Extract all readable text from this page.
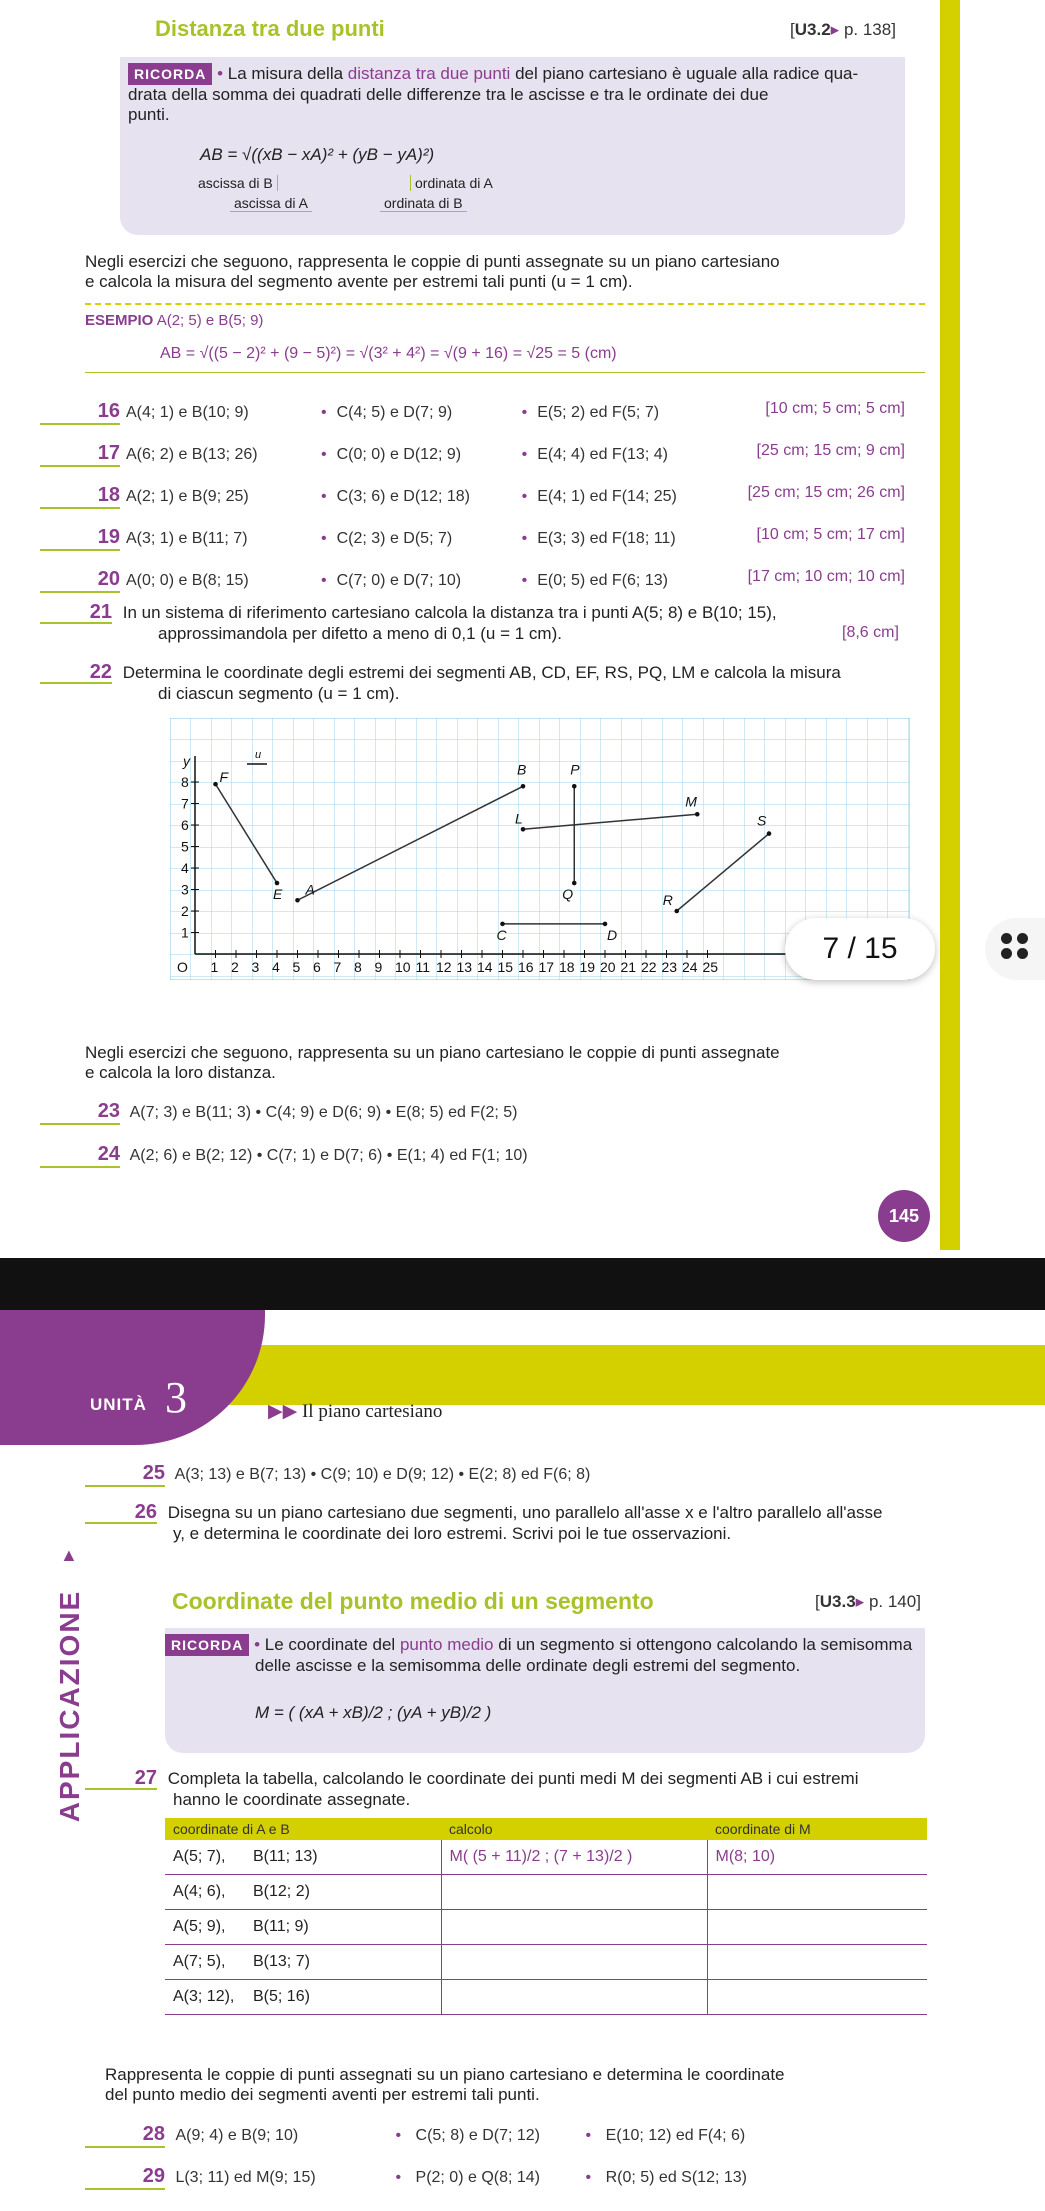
Distanza tra due punti	[U3.2▸ p. 138]
RICORDA • La misura della distanza tra due punti del piano cartesiano è uguale alla radice qua-
drata della somma dei quadrati delle differenze tra le ascisse e tra le ordinate dei due
punti.
AB = √((xB − xA)² + (yB − yA)²)
ascissa di B
ascissa di A
ordinata di A
ordinata di B
Negli esercizi che seguono, rappresenta le coppie di punti assegnate su un piano cartesiano
e calcola la misura del segmento avente per estremi tali punti (u = 1 cm).
ESEMPIO A(2; 5) e B(5; 9)
AB = √((5 − 2)² + (9 − 5)²) = √(3² + 4²) = √(9 + 16) = √25 = 5 (cm)
16 A(4; 1) e B(10; 9)	• C(4; 5) e D(7; 9)	• E(5; 2) ed F(5; 7)	[10 cm; 5 cm; 5 cm]
17 A(6; 2) e B(13; 26)	• C(0; 0) e D(12; 9)	• E(4; 4) ed F(13; 4)	[25 cm; 15 cm; 9 cm]
18 A(2; 1) e B(9; 25)	• C(3; 6) e D(12; 18)	• E(4; 1) ed F(14; 25)	[25 cm; 15 cm; 26 cm]
19 A(3; 1) e B(11; 7)	• C(2; 3) e D(5; 7)	• E(3; 3) ed F(18; 11)	[10 cm; 5 cm; 17 cm]
20 A(0; 0) e B(8; 15)	• C(7; 0) e D(7; 10)	• E(0; 5) ed F(6; 13)	[17 cm; 10 cm; 10 cm]
21 In un sistema di riferimento cartesiano calcola la distanza tra i punti A(5; 8) e B(10; 15),
approssimandola per difetto a meno di 0,1 (u = 1 cm).	[8,6 cm]
22 Determina le coordinate degli estremi dei segmenti AB, CD, EF, RS, PQ, LM e calcola la misura
di ciascun segmento (u = 1 cm).
y
O
u
1 2 3 4 5 6 7 8 9 10 11 12 13 14 15 16 17 18 19 20 21 22 23 24 25
1
2
3
4
5
6
7
8
A
B
C	D
E
F
L
M
P
Q	R
S
Negli esercizi che seguono, rappresenta su un piano cartesiano le coppie di punti assegnate
e calcola la loro distanza.
23 A(7; 3) e B(11; 3) • C(4; 9) e D(6; 9) • E(8; 5) ed F(2; 5)
24 A(2; 6) e B(2; 12) • C(7; 1) e D(7; 6) • E(1; 4) ed F(1; 10)
145
7 / 15
UNITÀ 3	▶▶ Il piano cartesiano
▲
APPLICAZIONE
25 A(3; 13) e B(7; 13) • C(9; 10) e D(9; 12) • E(2; 8) ed F(6; 8)
26 Disegna su un piano cartesiano due segmenti, uno parallelo all'asse x e l'altro parallelo all'asse
y, e determina le coordinate dei loro estremi. Scrivi poi le tue osservazioni.
Coordinate del punto medio di un segmento	[U3.3▸ p. 140]
RICORDA • Le coordinate del punto medio di un segmento si ottengono calcolando la semisomma
delle ascisse e la semisomma delle ordinate degli estremi del segmento.
M = ( (xA + xB)/2 ; (yA + yB)/2 )
27 Completa la tabella, calcolando le coordinate dei punti medi M dei segmenti AB i cui estremi
hanno le coordinate assegnate.
coordinate di A e B	calcolo	coordinate di M
A(5; 7), B(11; 13)	M( (5 + 11)/2 ; (7 + 13)/2 )	M(8; 10)
A(4; 6), B(12; 2)		
A(5; 9), B(11; 9)		
A(7; 5), B(13; 7)		
A(3; 12), B(5; 16)		
Rappresenta le coppie di punti assegnati su un piano cartesiano e determina le coordinate
del punto medio dei segmenti aventi per estremi tali punti.
28 A(9; 4) e B(9; 10)	• C(5; 8) e D(7; 12)	• E(10; 12) ed F(4; 6)
29 L(3; 11) ed M(9; 15)	• P(2; 0) e Q(8; 14)	• R(0; 5) ed S(12; 13)
